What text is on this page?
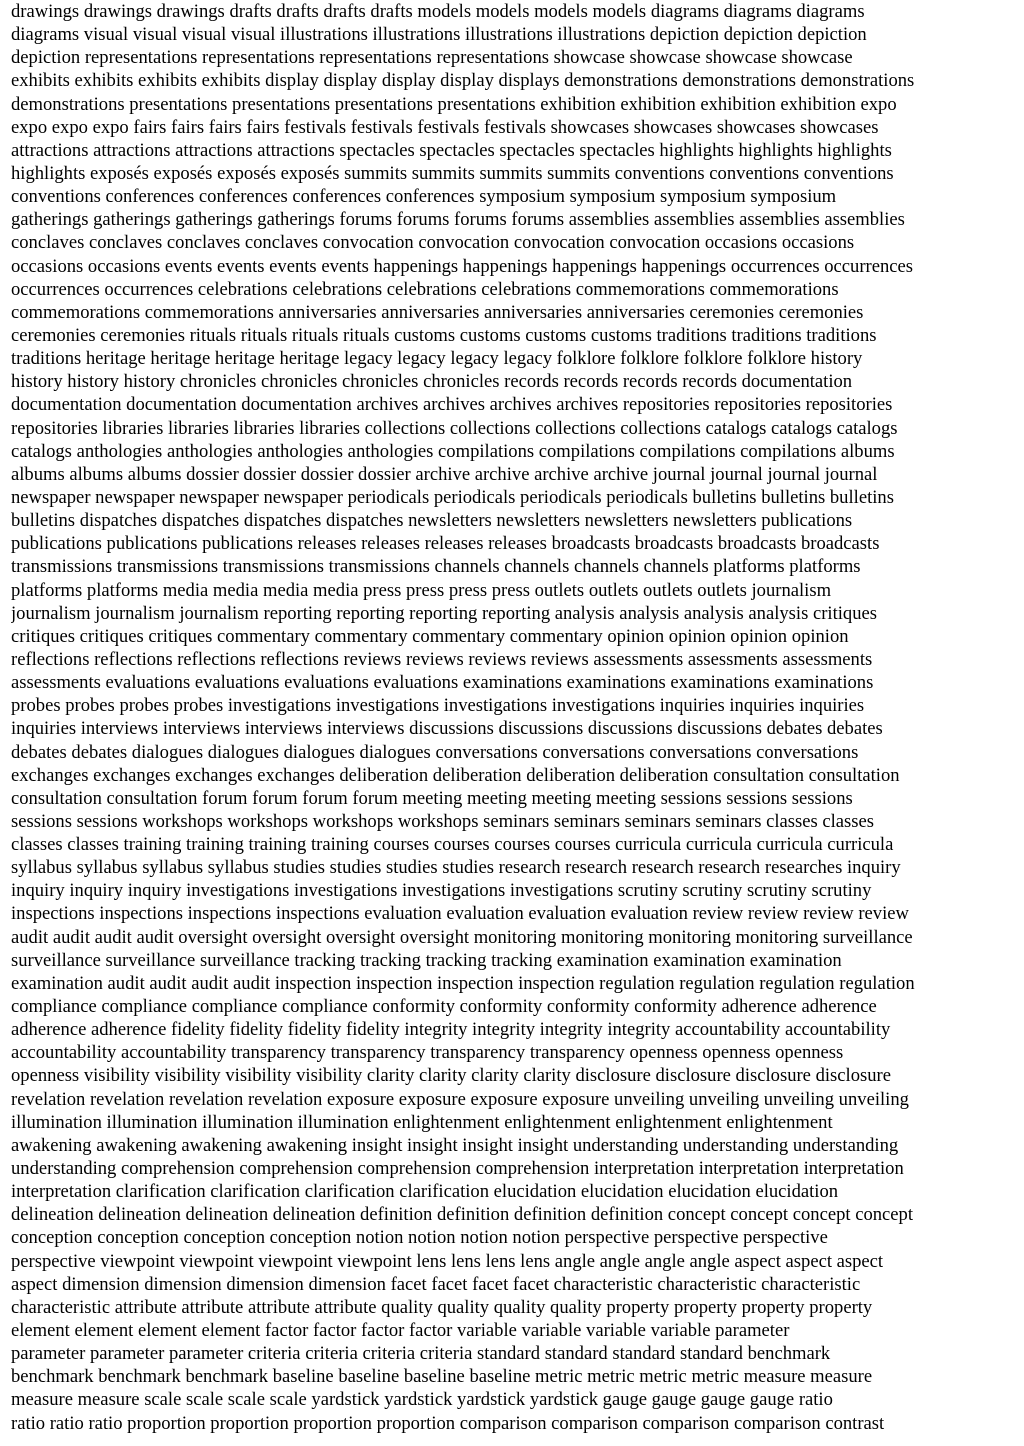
drawings drawings drawings drafts drafts drafts drafts models models models models diagrams diagrams diagrams
diagrams visual visual visual visual illustrations illustrations illustrations illustrations depiction depiction depiction
depiction representations representations representations representations showcase showcase showcase showcase
exhibits exhibits exhibits exhibits display display display display displays demonstrations demonstrations demonstrations
demonstrations presentations presentations presentations presentations exhibition exhibition exhibition exhibition expo
expo expo expo fairs fairs fairs fairs festivals festivals festivals festivals showcases showcases showcases showcases
attractions attractions attractions attractions spectacles spectacles spectacles spectacles highlights highlights highlights
highlights exposés exposés exposés exposés summits summits summits summits conventions conventions conventions
conventions conferences conferences conferences conferences symposium symposium symposium symposium
gatherings gatherings gatherings gatherings forums forums forums forums assemblies assemblies assemblies assemblies
conclaves conclaves conclaves conclaves convocation convocation convocation convocation occasions occasions
occasions occasions events events events events happenings happenings happenings happenings occurrences occurrences
occurrences occurrences celebrations celebrations celebrations celebrations commemorations commemorations
commemorations commemorations anniversaries anniversaries anniversaries anniversaries ceremonies ceremonies
ceremonies ceremonies rituals rituals rituals rituals customs customs customs customs traditions traditions traditions
traditions heritage heritage heritage heritage legacy legacy legacy legacy folklore folklore folklore folklore history
history history history chronicles chronicles chronicles chronicles records records records records documentation
documentation documentation documentation archives archives archives archives repositories repositories repositories
repositories libraries libraries libraries libraries collections collections collections collections catalogs catalogs catalogs
catalogs anthologies anthologies anthologies anthologies compilations compilations compilations compilations albums
albums albums albums dossier dossier dossier dossier archive archive archive archive journal journal journal journal
newspaper newspaper newspaper newspaper periodicals periodicals periodicals periodicals bulletins bulletins bulletins
bulletins dispatches dispatches dispatches dispatches newsletters newsletters newsletters newsletters publications
publications publications publications releases releases releases releases broadcasts broadcasts broadcasts broadcasts
transmissions transmissions transmissions transmissions channels channels channels channels platforms platforms
platforms platforms media media media media press press press press outlets outlets outlets outlets journalism
journalism journalism journalism reporting reporting reporting reporting analysis analysis analysis analysis critiques
critiques critiques critiques commentary commentary commentary commentary opinion opinion opinion opinion
reflections reflections reflections reflections reviews reviews reviews reviews assessments assessments assessments
assessments evaluations evaluations evaluations evaluations examinations examinations examinations examinations
probes probes probes probes investigations investigations investigations investigations inquiries inquiries inquiries
inquiries interviews interviews interviews interviews discussions discussions discussions discussions debates debates
debates debates dialogues dialogues dialogues dialogues conversations conversations conversations conversations
exchanges exchanges exchanges exchanges deliberation deliberation deliberation deliberation consultation consultation
consultation consultation forum forum forum forum meeting meeting meeting meeting sessions sessions sessions
sessions sessions workshops workshops workshops workshops seminars seminars seminars seminars classes classes
classes classes training training training training courses courses courses courses curricula curricula curricula curricula
syllabus syllabus syllabus syllabus studies studies studies studies research research research research researches inquiry
inquiry inquiry inquiry investigations investigations investigations investigations scrutiny scrutiny scrutiny scrutiny
inspections inspections inspections inspections evaluation evaluation evaluation evaluation review review review review
audit audit audit audit oversight oversight oversight oversight monitoring monitoring monitoring monitoring surveillance
surveillance surveillance surveillance tracking tracking tracking tracking examination examination examination
examination audit audit audit audit inspection inspection inspection inspection regulation regulation regulation regulation
compliance compliance compliance compliance conformity conformity conformity conformity adherence adherence
adherence adherence fidelity fidelity fidelity fidelity integrity integrity integrity integrity accountability accountability
accountability accountability transparency transparency transparency transparency openness openness openness
openness visibility visibility visibility visibility clarity clarity clarity clarity disclosure disclosure disclosure disclosure
revelation revelation revelation revelation exposure exposure exposure exposure unveiling unveiling unveiling unveiling
illumination illumination illumination illumination enlightenment enlightenment enlightenment enlightenment
awakening awakening awakening awakening insight insight insight insight understanding understanding understanding
understanding comprehension comprehension comprehension comprehension interpretation interpretation interpretation
interpretation clarification clarification clarification clarification elucidation elucidation elucidation elucidation
delineation delineation delineation delineation definition definition definition definition concept concept concept concept
conception conception conception conception notion notion notion notion perspective perspective perspective
perspective viewpoint viewpoint viewpoint viewpoint lens lens lens lens angle angle angle angle aspect aspect aspect
aspect dimension dimension dimension dimension facet facet facet facet characteristic characteristic characteristic
characteristic attribute attribute attribute attribute quality quality quality quality property property property property
element element element element factor factor factor factor variable variable variable variable parameter
parameter parameter parameter criteria criteria criteria criteria standard standard standard standard benchmark
benchmark benchmark benchmark baseline baseline baseline baseline metric metric metric metric measure measure
measure measure scale scale scale scale yardstick yardstick yardstick yardstick gauge gauge gauge gauge ratio
ratio ratio ratio proportion proportion proportion proportion comparison comparison comparison comparison contrast
